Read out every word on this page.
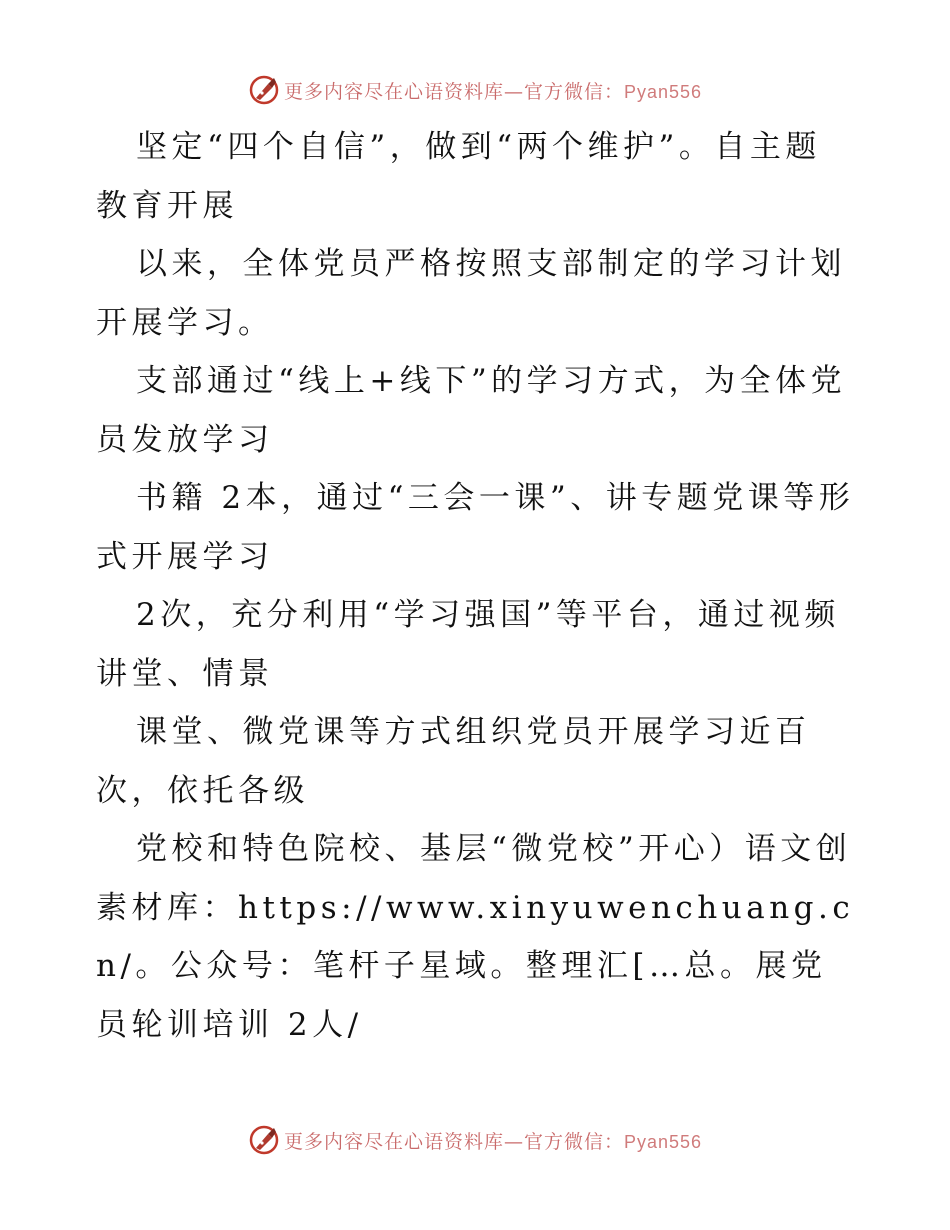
更多内容尽在心语资料库—官方微信：Pyan556

坚定“四个自信”，做到“两个维护”。自主题教育开展

以来，全体党员严格按照支部制定的学习计划开展学习。

支部通过“线上+线下”的学习方式，为全体党员发放学习

书籍 2本，通过“三会一课”、讲专题党课等形式开展学习

2次，充分利用“学习强国”等平台，通过视频讲堂、情景

课堂、微党课等方式组织党员开展学习近百次，依托各级

党校和特色院校、基层“微党校”开心）语文创素材库：https://www.xinyuwenchuang.cn/。公众号：笔杆子星域。整理汇[…总。展党员轮训培训 2人/

更多内容尽在心语资料库—官方微信：Pyan556
